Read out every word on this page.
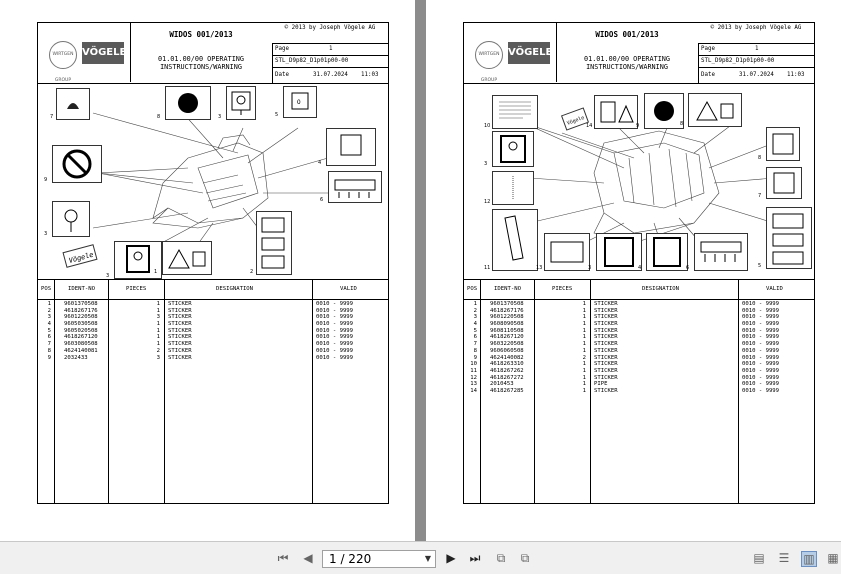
WIRTGEN GROUP
VÖGELE
WIDOS 001/2013
© 2013 by Joseph Vögele AG
01.01.00/00 OPERATING
INSTRUCTIONS/WARNING
Page	1
STL_D9p82_D1p01p00-00
Date	31.07.2024 11:03
7	8	3	5
O
9
4
6
3
3
1	2
Vögele
POS	IDENT-NO	PIECES	DESIGNATION	VALID
1 9601370508	1 STICKER	0010 - 9999
2 4618267176	1 STICKER	0010 - 9999
3 9601220508	3 STICKER	0010 - 9999
4 9605030508	1 STICKER	0010 - 9999
5 9605020508	1 STICKER	0010 - 9999
6 4618267120	1 STICKER	0010 - 9999
7 9603080508	1 STICKER	0010 - 9999
8 4624140081	2 STICKER	0010 - 9999
9 2032433	3 STICKER	0010 - 9999
WIRTGEN GROUP
VÖGELE
WIDOS 001/2013
© 2013 by Joseph Vögele AG
01.01.00/00 OPERATING
INSTRUCTIONS/WARNING
Page	1
STL_D9p82_D1p01p00-00
Date	31.07.2024 11:03
10	Vögele 14	9	8
3
8
12
7
11	5
13	3	4	6
POS	IDENT-NO	PIECES	DESIGNATION	VALID
1 9601370508	1 STICKER	0010 - 9999
2 4618267176	1 STICKER	0010 - 9999
3 9601220508	1 STICKER	0010 - 9999
4 9608090508	1 STICKER	0010 - 9999
5 9608110508	1 STICKER	0010 - 9999
6 4618267120	1 STICKER	0010 - 9999
7 9603220508	1 STICKER	0010 - 9999
8 9606060508	1 STICKER	0010 - 9999
9 4624140082	2 STICKER	0010 - 9999
10 4618263310	1 STICKER	0010 - 9999
11 4618267262	1 STICKER	0010 - 9999
12 4618267272	1 STICKER	0010 - 9999
13 2010453	1 PIPE	0010 - 9999
14 4618267285	1 STICKER	0010 - 9999
⏮ ◀ 1 / 220	▼ ▶ ⏭ ⧉ ⧉	▤ ☰ ▥ ▦
